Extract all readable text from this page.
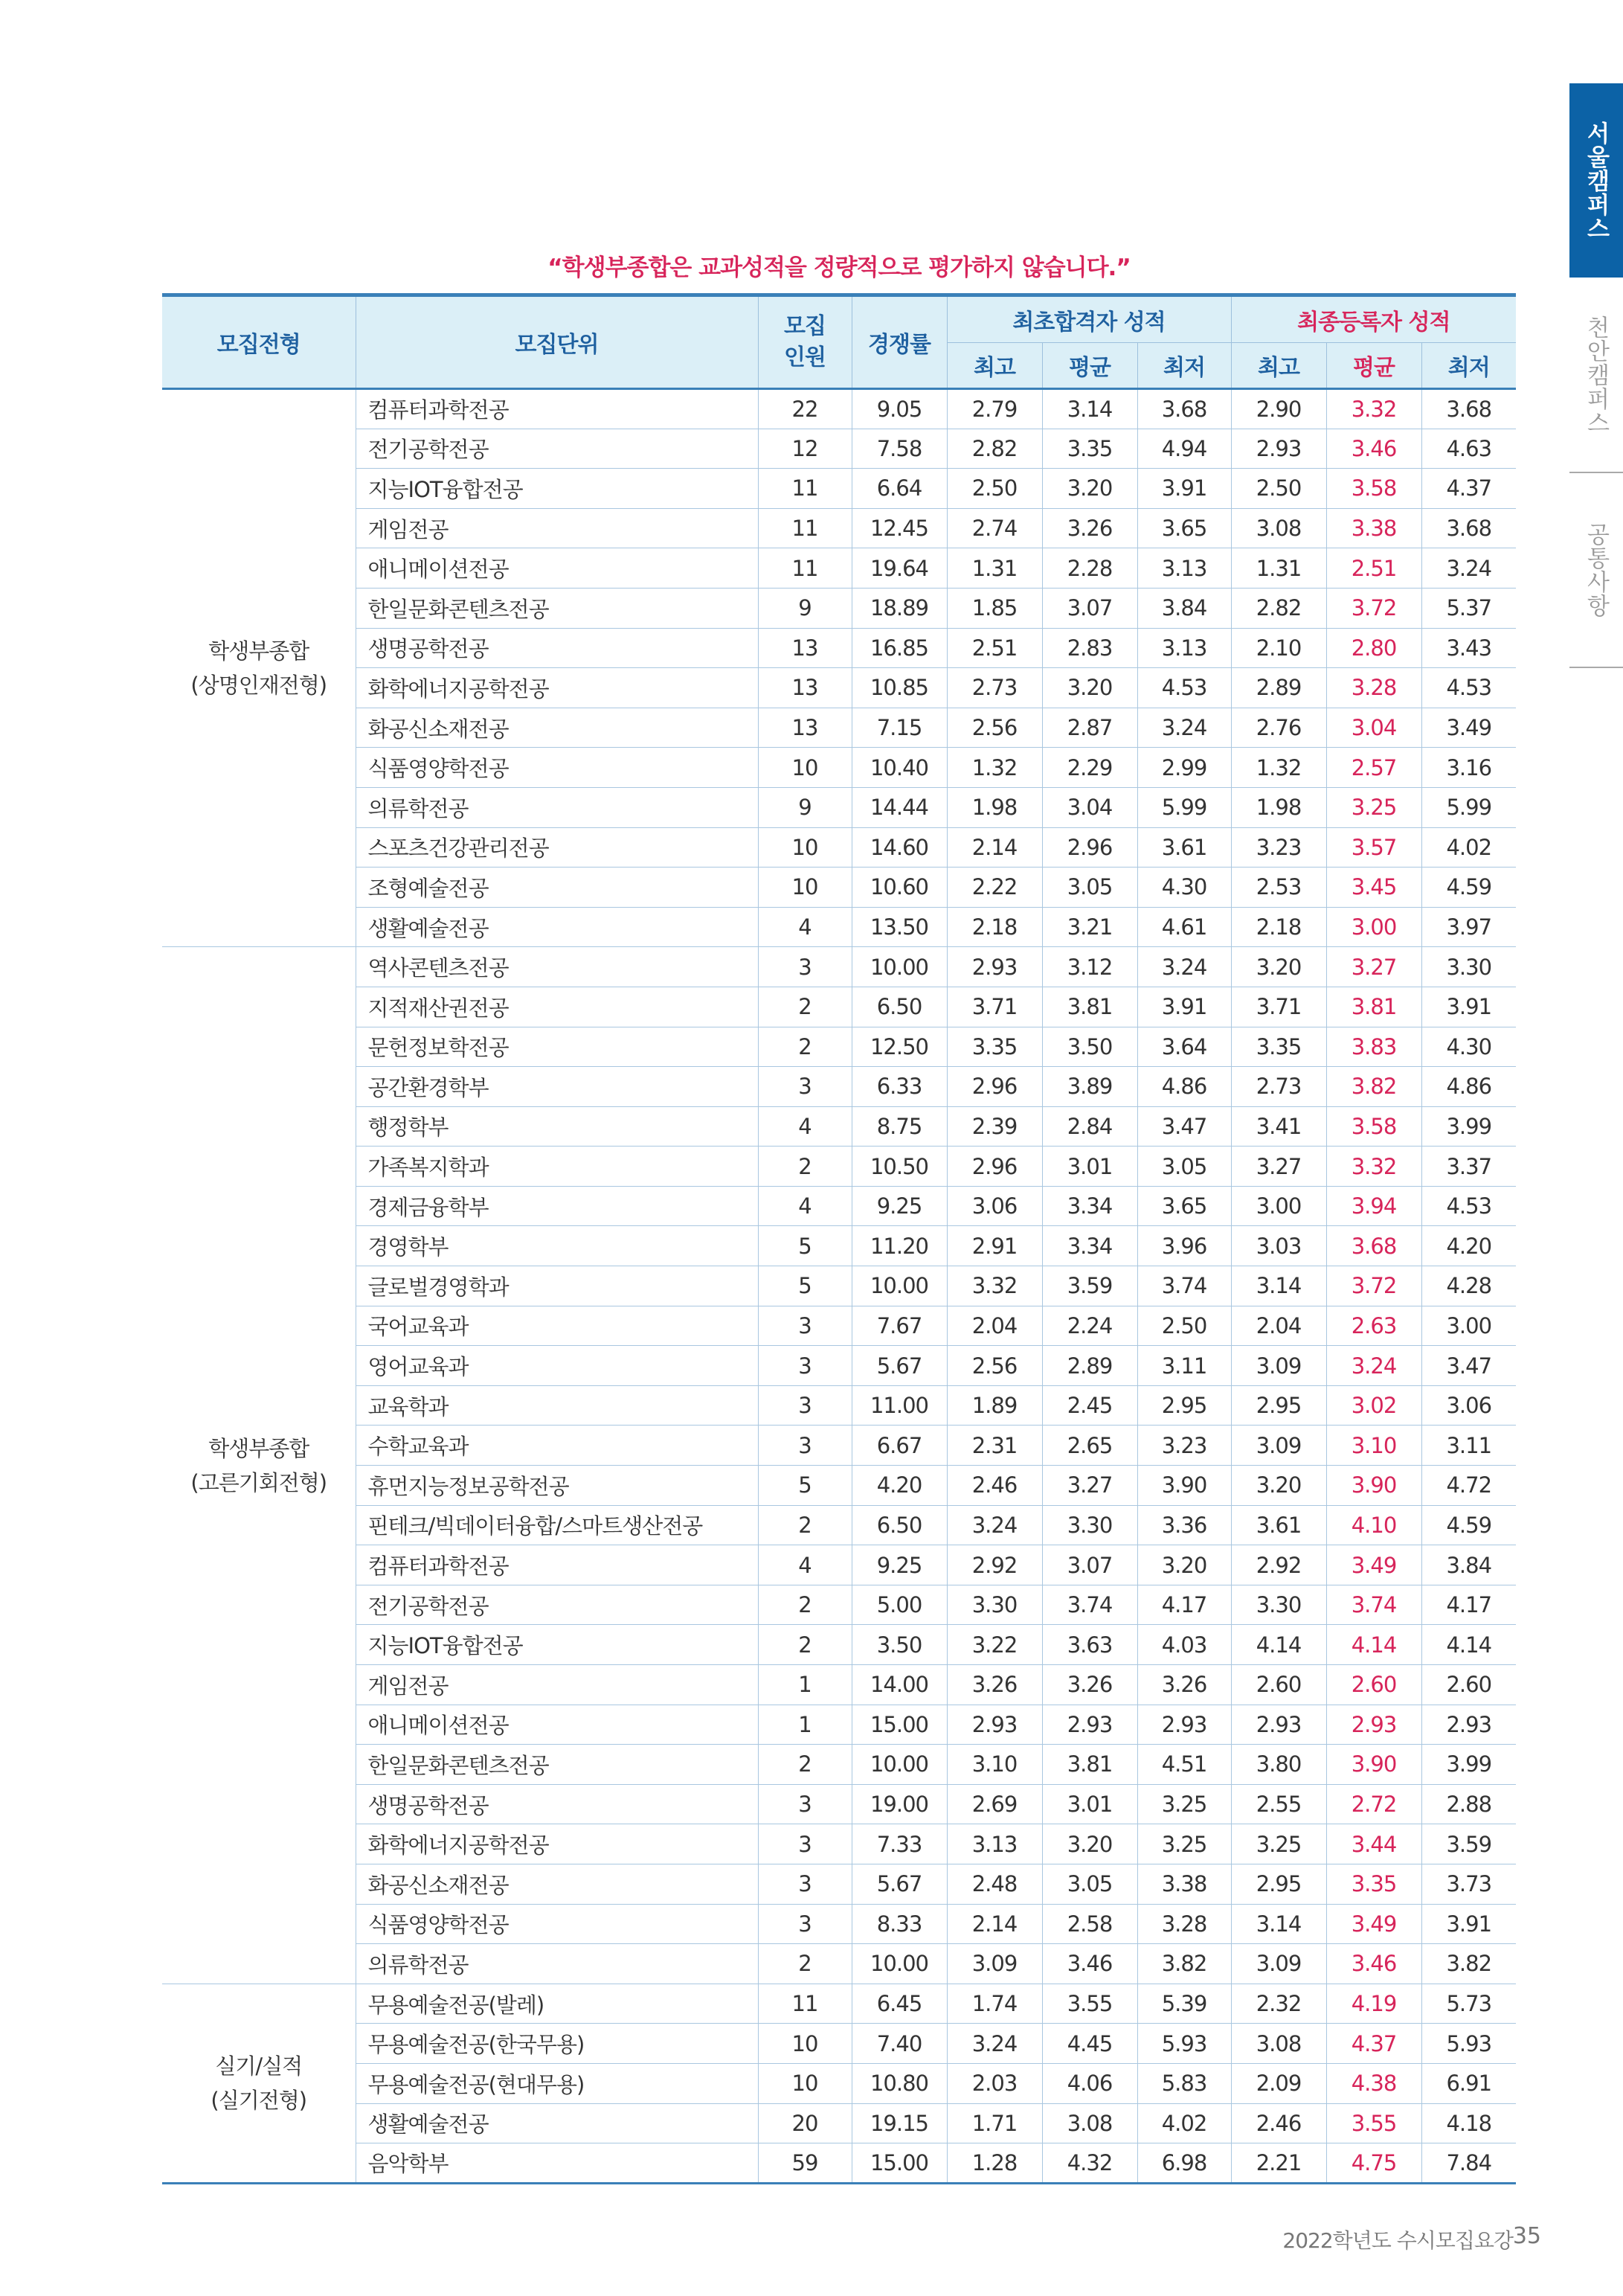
“학생부종합은 교과성적을 정량적으로 평가하지 않습니다.”
모집전형	모집단위	모집
인원	경쟁률	최초합격자 성적			최종등록자 성적		
				최고	평균	최저	최고	평균	최저
학생부종합
(상명인재전형)	컴퓨터과학전공	22	9.05	2.79	3.14	3.68	2.90	3.32	3.68
	전기공학전공	12	7.58	2.82	3.35	4.94	2.93	3.46	4.63
	지능IOT융합전공	11	6.64	2.50	3.20	3.91	2.50	3.58	4.37
	게임전공	11	12.45	2.74	3.26	3.65	3.08	3.38	3.68
	애니메이션전공	11	19.64	1.31	2.28	3.13	1.31	2.51	3.24
	한일문화콘텐츠전공	9	18.89	1.85	3.07	3.84	2.82	3.72	5.37
	생명공학전공	13	16.85	2.51	2.83	3.13	2.10	2.80	3.43
	화학에너지공학전공	13	10.85	2.73	3.20	4.53	2.89	3.28	4.53
	화공신소재전공	13	7.15	2.56	2.87	3.24	2.76	3.04	3.49
	식품영양학전공	10	10.40	1.32	2.29	2.99	1.32	2.57	3.16
	의류학전공	9	14.44	1.98	3.04	5.99	1.98	3.25	5.99
	스포츠건강관리전공	10	14.60	2.14	2.96	3.61	3.23	3.57	4.02
	조형예술전공	10	10.60	2.22	3.05	4.30	2.53	3.45	4.59
	생활예술전공	4	13.50	2.18	3.21	4.61	2.18	3.00	3.97
학생부종합
(고른기회전형)	역사콘텐츠전공	3	10.00	2.93	3.12	3.24	3.20	3.27	3.30
	지적재산권전공	2	6.50	3.71	3.81	3.91	3.71	3.81	3.91
	문헌정보학전공	2	12.50	3.35	3.50	3.64	3.35	3.83	4.30
	공간환경학부	3	6.33	2.96	3.89	4.86	2.73	3.82	4.86
	행정학부	4	8.75	2.39	2.84	3.47	3.41	3.58	3.99
	가족복지학과	2	10.50	2.96	3.01	3.05	3.27	3.32	3.37
	경제금융학부	4	9.25	3.06	3.34	3.65	3.00	3.94	4.53
	경영학부	5	11.20	2.91	3.34	3.96	3.03	3.68	4.20
	글로벌경영학과	5	10.00	3.32	3.59	3.74	3.14	3.72	4.28
	국어교육과	3	7.67	2.04	2.24	2.50	2.04	2.63	3.00
	영어교육과	3	5.67	2.56	2.89	3.11	3.09	3.24	3.47
	교육학과	3	11.00	1.89	2.45	2.95	2.95	3.02	3.06
	수학교육과	3	6.67	2.31	2.65	3.23	3.09	3.10	3.11
	휴먼지능정보공학전공	5	4.20	2.46	3.27	3.90	3.20	3.90	4.72
	핀테크/빅데이터융합/스마트생산전공	2	6.50	3.24	3.30	3.36	3.61	4.10	4.59
	컴퓨터과학전공	4	9.25	2.92	3.07	3.20	2.92	3.49	3.84
	전기공학전공	2	5.00	3.30	3.74	4.17	3.30	3.74	4.17
	지능IOT융합전공	2	3.50	3.22	3.63	4.03	4.14	4.14	4.14
	게임전공	1	14.00	3.26	3.26	3.26	2.60	2.60	2.60
	애니메이션전공	1	15.00	2.93	2.93	2.93	2.93	2.93	2.93
	한일문화콘텐츠전공	2	10.00	3.10	3.81	4.51	3.80	3.90	3.99
	생명공학전공	3	19.00	2.69	3.01	3.25	2.55	2.72	2.88
	화학에너지공학전공	3	7.33	3.13	3.20	3.25	3.25	3.44	3.59
	화공신소재전공	3	5.67	2.48	3.05	3.38	2.95	3.35	3.73
	식품영양학전공	3	8.33	2.14	2.58	3.28	3.14	3.49	3.91
	의류학전공	2	10.00	3.09	3.46	3.82	3.09	3.46	3.82
실기/실적
(실기전형)	무용예술전공(발레)	11	6.45	1.74	3.55	5.39	2.32	4.19	5.73
	무용예술전공(한국무용)	10	7.40	3.24	4.45	5.93	3.08	4.37	5.93
	무용예술전공(현대무용)	10	10.80	2.03	4.06	5.83	2.09	4.38	6.91
	생활예술전공	20	19.15	1.71	3.08	4.02	2.46	3.55	4.18
	음악학부	59	15.00	1.28	4.32	6.98	2.21	4.75	7.84
서울캠퍼스
천안캠퍼스
공통사항
2022학년도 수시모집요강 35
